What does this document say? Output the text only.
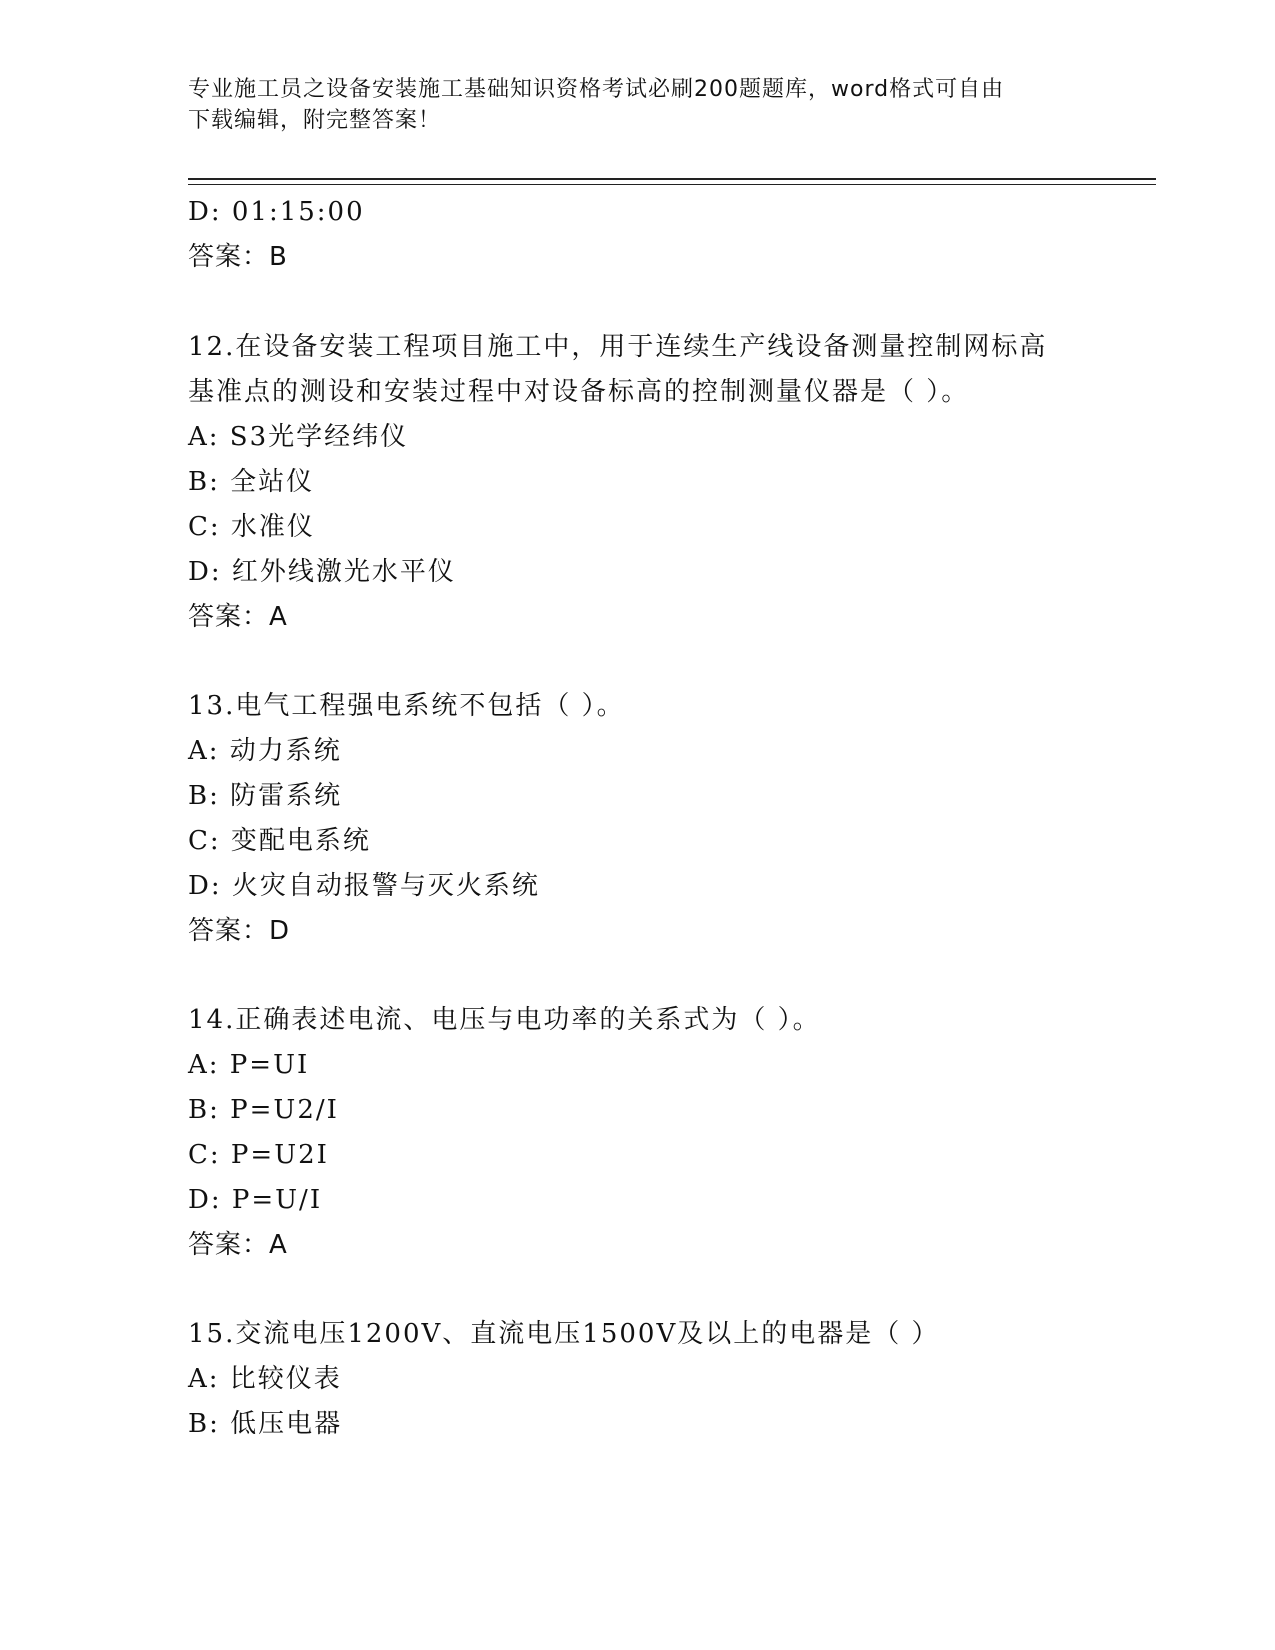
专业施工员之设备安装施工基础知识资格考试必刷200题题库，word格式可自由
下载编辑，附完整答案！
D: 01:15:00
答案：B
12.在设备安装工程项目施工中，用于连续生产线设备测量控制网标高
基准点的测设和安装过程中对设备标高的控制测量仪器是（ ）。
A: S3光学经纬仪
B: 全站仪
C: 水准仪
D: 红外线激光水平仪
答案：A
13.电气工程强电系统不包括（ ）。
A: 动力系统
B: 防雷系统
C: 变配电系统
D: 火灾自动报警与灭火系统
答案：D
14.正确表述电流、电压与电功率的关系式为（ ）。
A: P=UI
B: P=U2/I
C: P=U2I
D: P=U/I
答案：A
15.交流电压1200V、直流电压1500V及以上的电器是（ ）
A: 比较仪表
B: 低压电器
